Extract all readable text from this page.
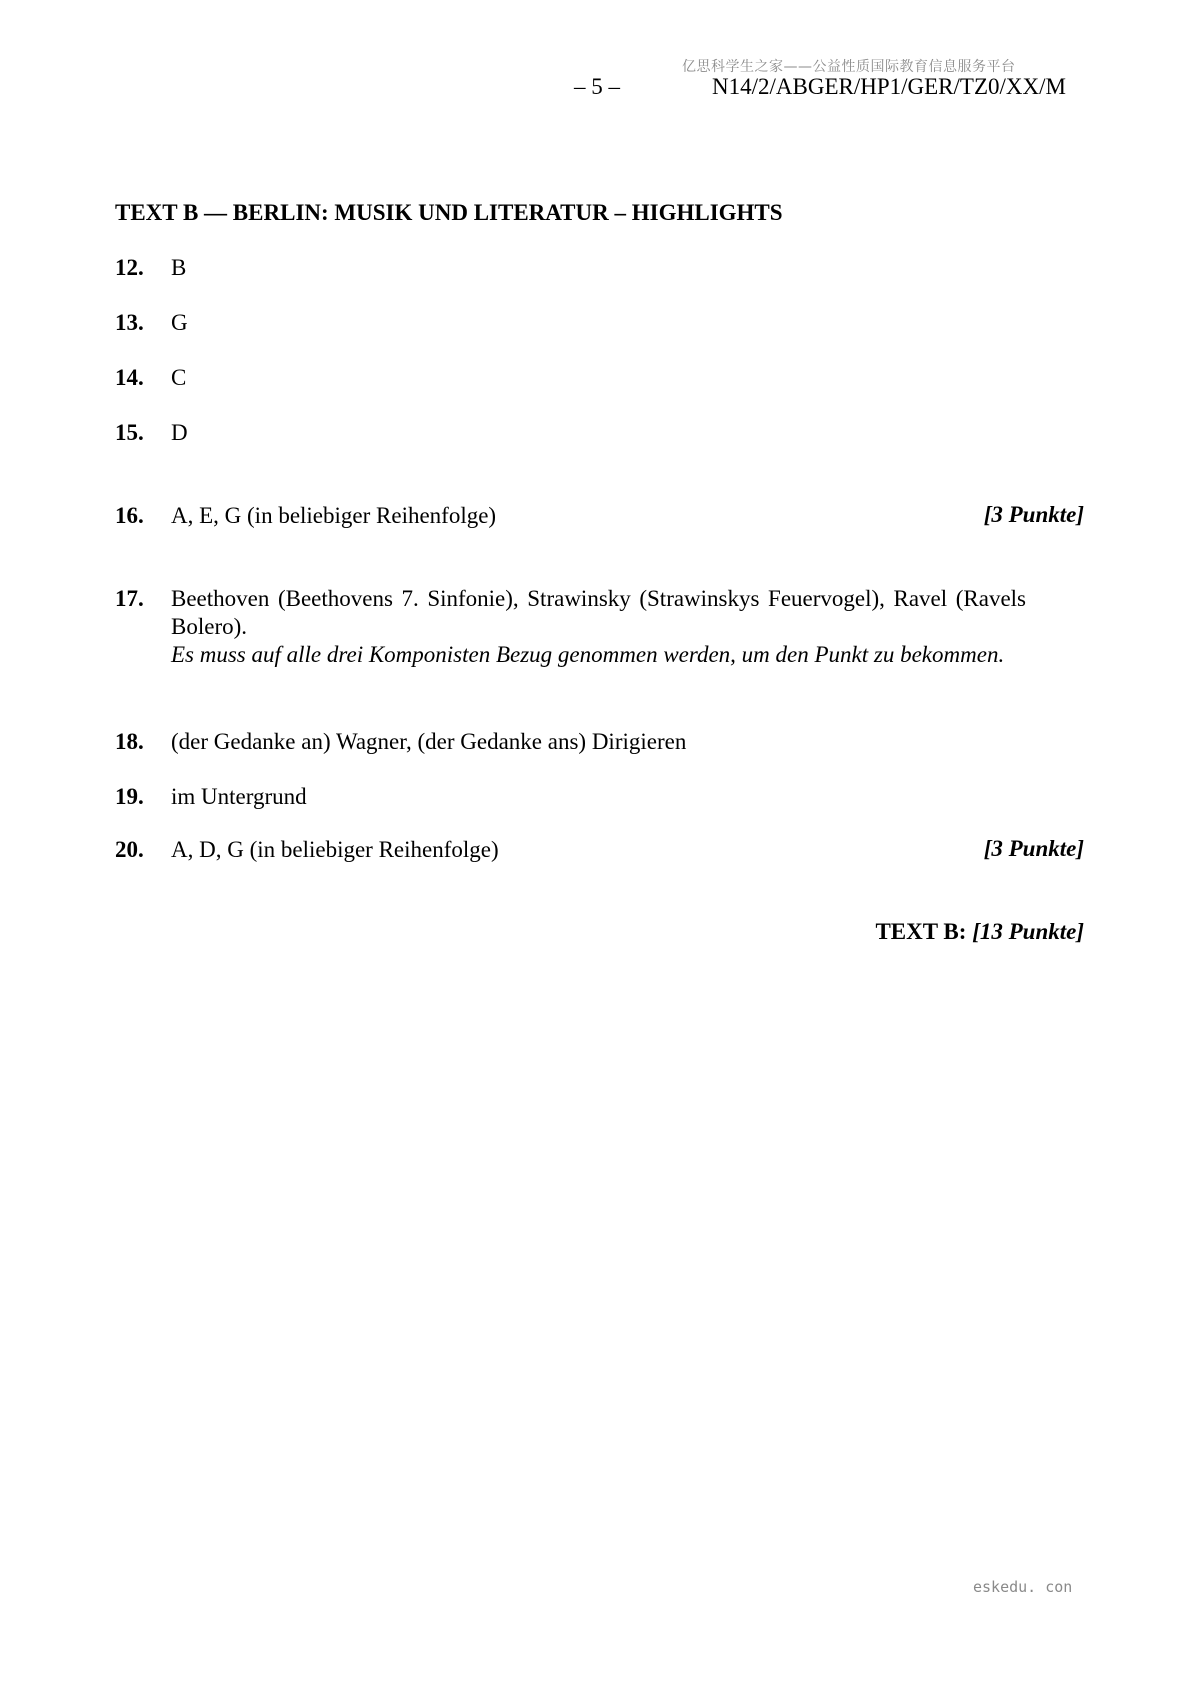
亿思科学生之家——公益性质国际教育信息服务平台
– 5 –	N14/2/ABGER/HP1/GER/TZ0/XX/M
TEXT B — BERLIN: MUSIK UND LITERATUR – HIGHLIGHTS
12. B
13. G
14. C
15. D
16. A, E, G (in beliebiger Reihenfolge)	[3 Punkte]
17. Beethoven (Beethovens 7. Sinfonie), Strawinsky (Strawinskys Feuervogel), Ravel (Ravels Bolero).
Es muss auf alle drei Komponisten Bezug genommen werden, um den Punkt zu bekommen.
18. (der Gedanke an) Wagner, (der Gedanke ans) Dirigieren
19. im Untergrund
20. A, D, G (in beliebiger Reihenfolge)	[3 Punkte]
TEXT B: [13 Punkte]
eskedu. con
